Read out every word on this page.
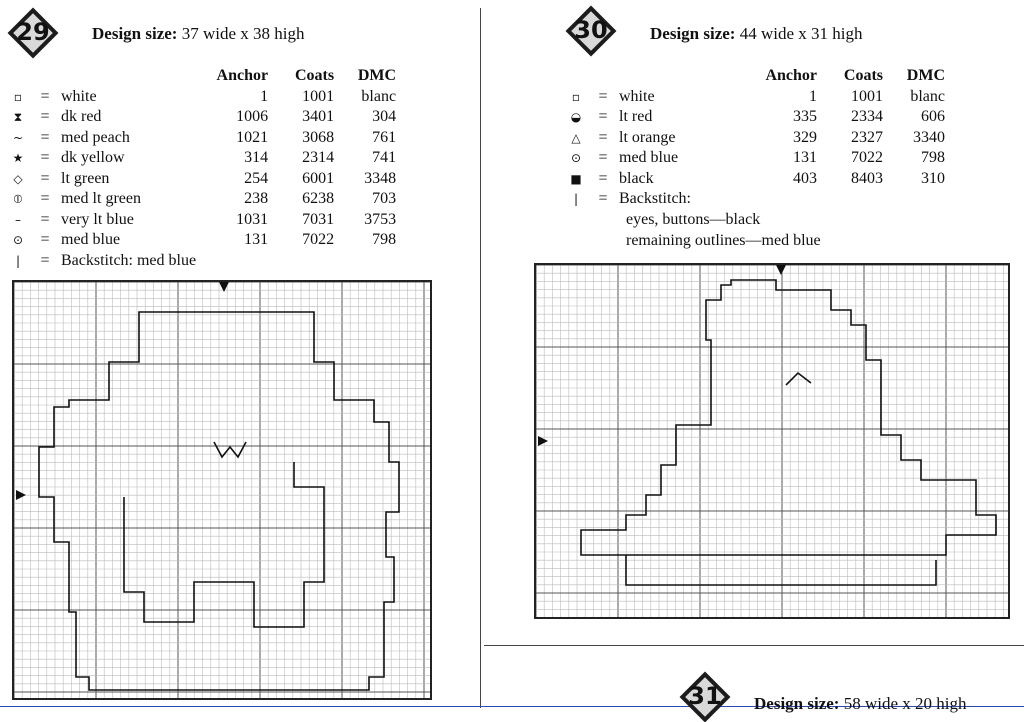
29	Design size: 37 wide x 38 high
			Anchor	Coats	DMC
▫	=	white	1	1001	blanc
⧗	=	dk red	1006	3401	304
~	=	med peach	1021	3068	761
★	=	dk yellow	314	2314	741
◇	=	lt green	254	6001	3348
⦶	=	med lt green	238	6238	703
–	=	very lt blue	1031	7031	3753
⊙	=	med blue	131	7022	798
|	=	Backstitch: med blue			
30	Design size: 44 wide x 31 high
			Anchor	Coats	DMC
▫	=	white	1	1001	blanc
◒	=	lt red	335	2334	606
△	=	lt orange	329	2327	3340
⊙	=	med blue	131	7022	798
■	=	black	403	8403	310
|	=	Backstitch:			
eyes, buttons—black
remaining outlines—med blue
31	Design size: 58 wide x 20 high
